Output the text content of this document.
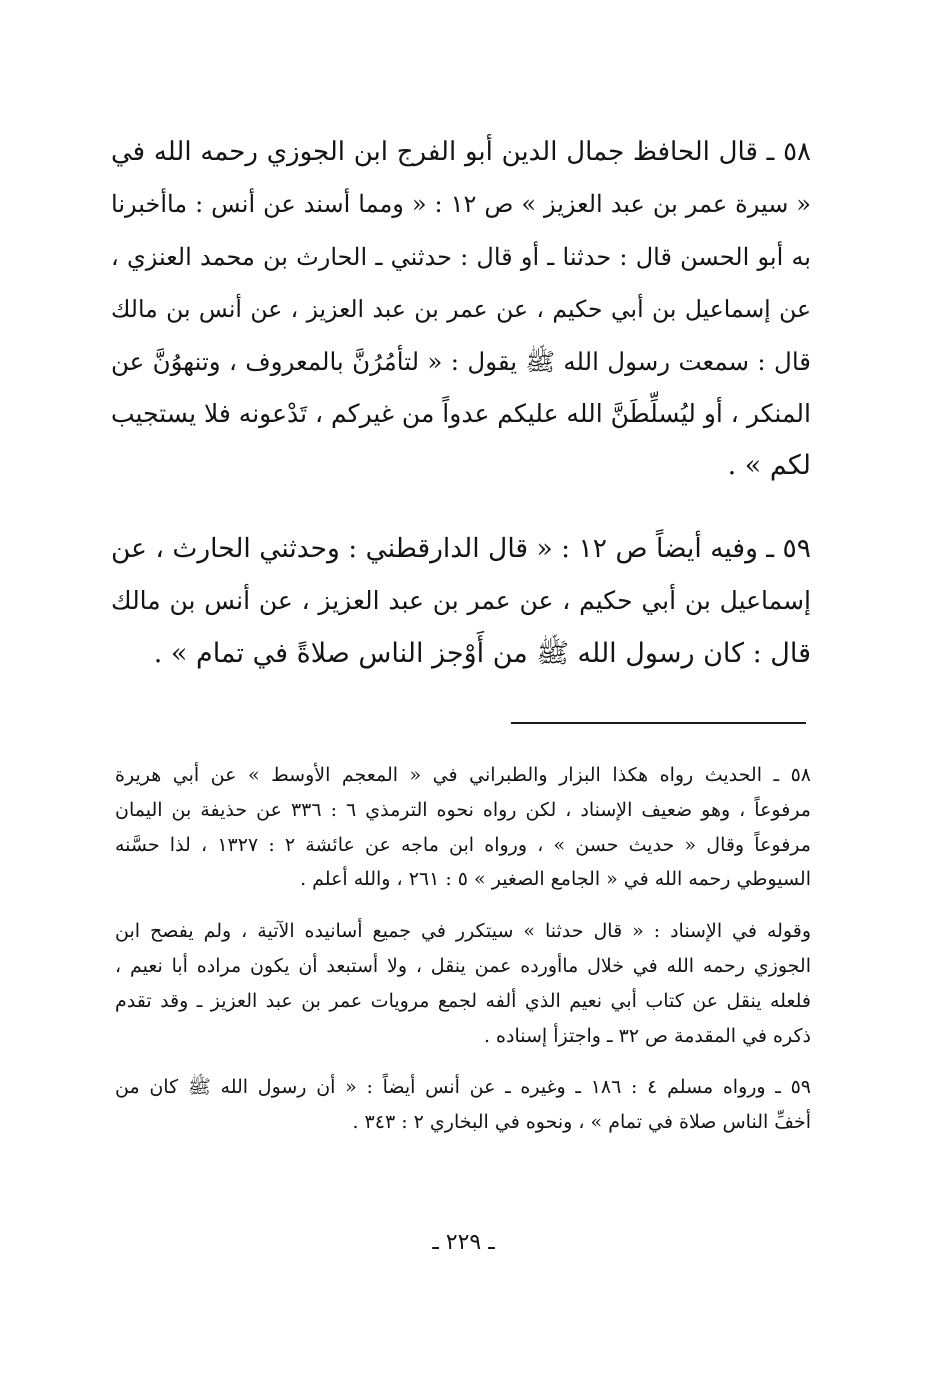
٥٨ ـ قال الحافظ جمال الدين أبو الفرج ابن الجوزي رحمه الله في
« سيرة عمر بن عبد العزيز » ص ١٢ : « ومما أسند عن أنس : ماأخبرنا
به أبو الحسن قال : حدثنا ـ أو قال : حدثني ـ الحارث بن محمد العنزي ،
عن إسماعيل بن أبي حكيم ، عن عمر بن عبد العزيز ، عن أنس بن مالك
قال : سمعت رسول الله ﷺ يقول : « لتأمُرُنَّ بالمعروف ، وتنهوُنَّ عن
المنكر ، أو ليُسلِّطَنَّ الله عليكم عدواً من غيركم ، تَدْعونه فلا يستجيب
لكم » .

٥٩ ـ وفيه أيضاً ص ١٢ : « قال الدارقطني : وحدثني الحارث ، عن
إسماعيل بن أبي حكيم ، عن عمر بن عبد العزيز ، عن أنس بن مالك
قال : كان رسول الله ﷺ من أَوْجز الناس صلاةً في تمام » .

٥٨ ـ الحديث رواه هكذا البزار والطبراني في « المعجم الأوسط » عن أبي هريرة
مرفوعاً ، وهو ضعيف الإسناد ، لكن رواه نحوه الترمذي ٦ : ٣٣٦ عن حذيفة بن اليمان
مرفوعاً وقال « حديث حسن » ، ورواه ابن ماجه عن عائشة ٢ : ١٣٢٧ ، لذا حسَّنه
السيوطي رحمه الله في « الجامع الصغير » ٥ : ٢٦١ ، والله أعلم .

وقوله في الإسناد : « قال حدثنا » سيتكرر في جميع أسانيده الآتية ، ولم يفصح ابن
الجوزي رحمه الله في خلال ماأورده عمن ينقل ، ولا أستبعد أن يكون مراده أبا نعيم ،
فلعله ينقل عن كتاب أبي نعيم الذي ألفه لجمع مرويات عمر بن عبد العزيز ـ وقد تقدم
ذكره في المقدمة ص ٣٢ ـ واجتزأ إسناده .

٥٩ ـ ورواه مسلم ٤ : ١٨٦ ـ وغيره ـ عن أنس أيضاً : « أن رسول الله ﷺ كان من
أخفِّ الناس صلاة في تمام » ، ونحوه في البخاري ٢ : ٣٤٣ .

ـ ٢٢٩ ـ
